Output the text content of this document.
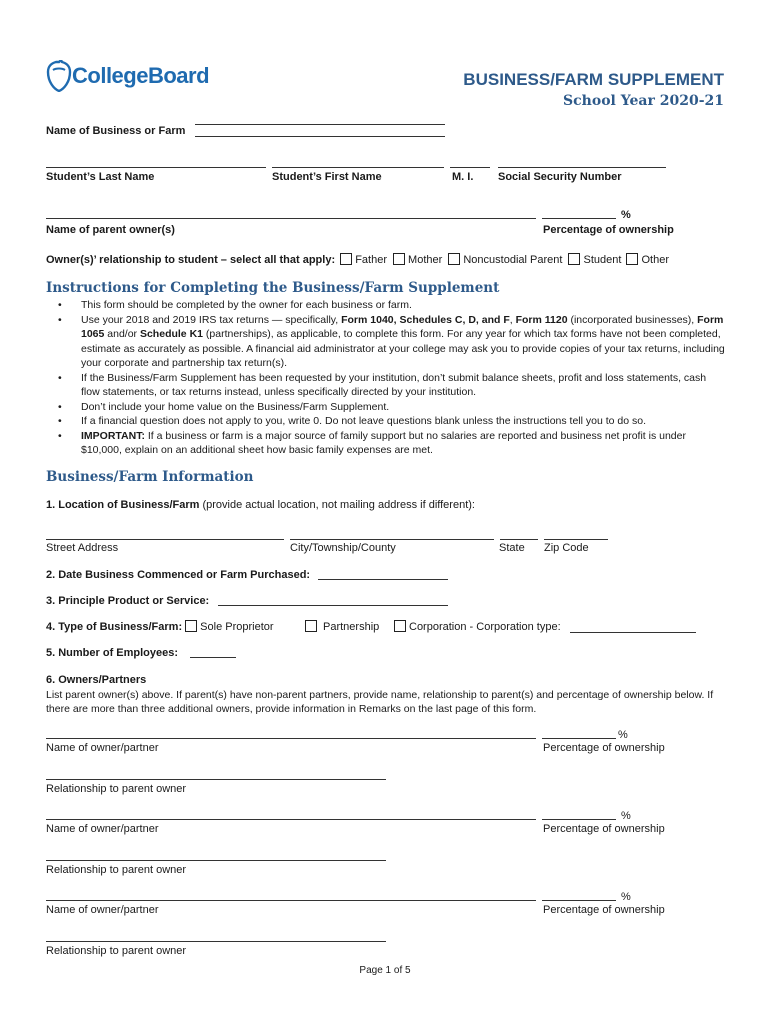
CollegeBoard	BUSINESS/FARM SUPPLEMENT
School Year 2020-21
Name of Business or Farm
Student’s Last Name	Student’s First Name	M. I. Social Security Number
%
Name of parent owner(s)	Percentage of ownership
Owner(s)’ relationship to student – select all that apply: Father Mother Noncustodial Parent Student Other
Instructions for Completing the Business/Farm Supplement
• This form should be completed by the owner for each business or farm.
• Use your 2018 and 2019 IRS tax returns — specifically, Form 1040, Schedules C, D, and F, Form 1120 (incorporated businesses), Form 1065 and/or Schedule K1 (partnerships), as applicable, to complete this form. For any year for which tax forms have not been completed, estimate as accurately as possible. A financial aid administrator at your college may ask you to provide copies of your tax returns, including your corporate and partnership tax return(s).
• If the Business/Farm Supplement has been requested by your institution, don’t submit balance sheets, profit and loss statements, cash flow statements, or tax returns instead, unless specifically directed by your institution.
• Don’t include your home value on the Business/Farm Supplement.
• If a financial question does not apply to you, write 0. Do not leave questions blank unless the instructions tell you to do so.
• IMPORTANT: If a business or farm is a major source of family support but no salaries are reported and business net profit is under $10,000, explain on an additional sheet how basic family expenses are met.
Business/Farm Information
1. Location of Business/Farm (provide actual location, not mailing address if different):
Street Address	City/Township/County	State Zip Code
2. Date Business Commenced or Farm Purchased:
3. Principle Product or Service:
4. Type of Business/Farm: Sole Proprietor	Partnership	Corporation - Corporation type:
5. Number of Employees:
6. Owners/Partners
List parent owner(s) above. If parent(s) have non-parent partners, provide name, relationship to parent(s) and percentage of ownership below. If there are more than three additional owners, provide information in Remarks on the last page of this form.
%
Name of owner/partner	Percentage of ownership
Relationship to parent owner
%
Name of owner/partner	Percentage of ownership
Relationship to parent owner
%
Name of owner/partner	Percentage of ownership
Relationship to parent owner
Page 1 of 5
